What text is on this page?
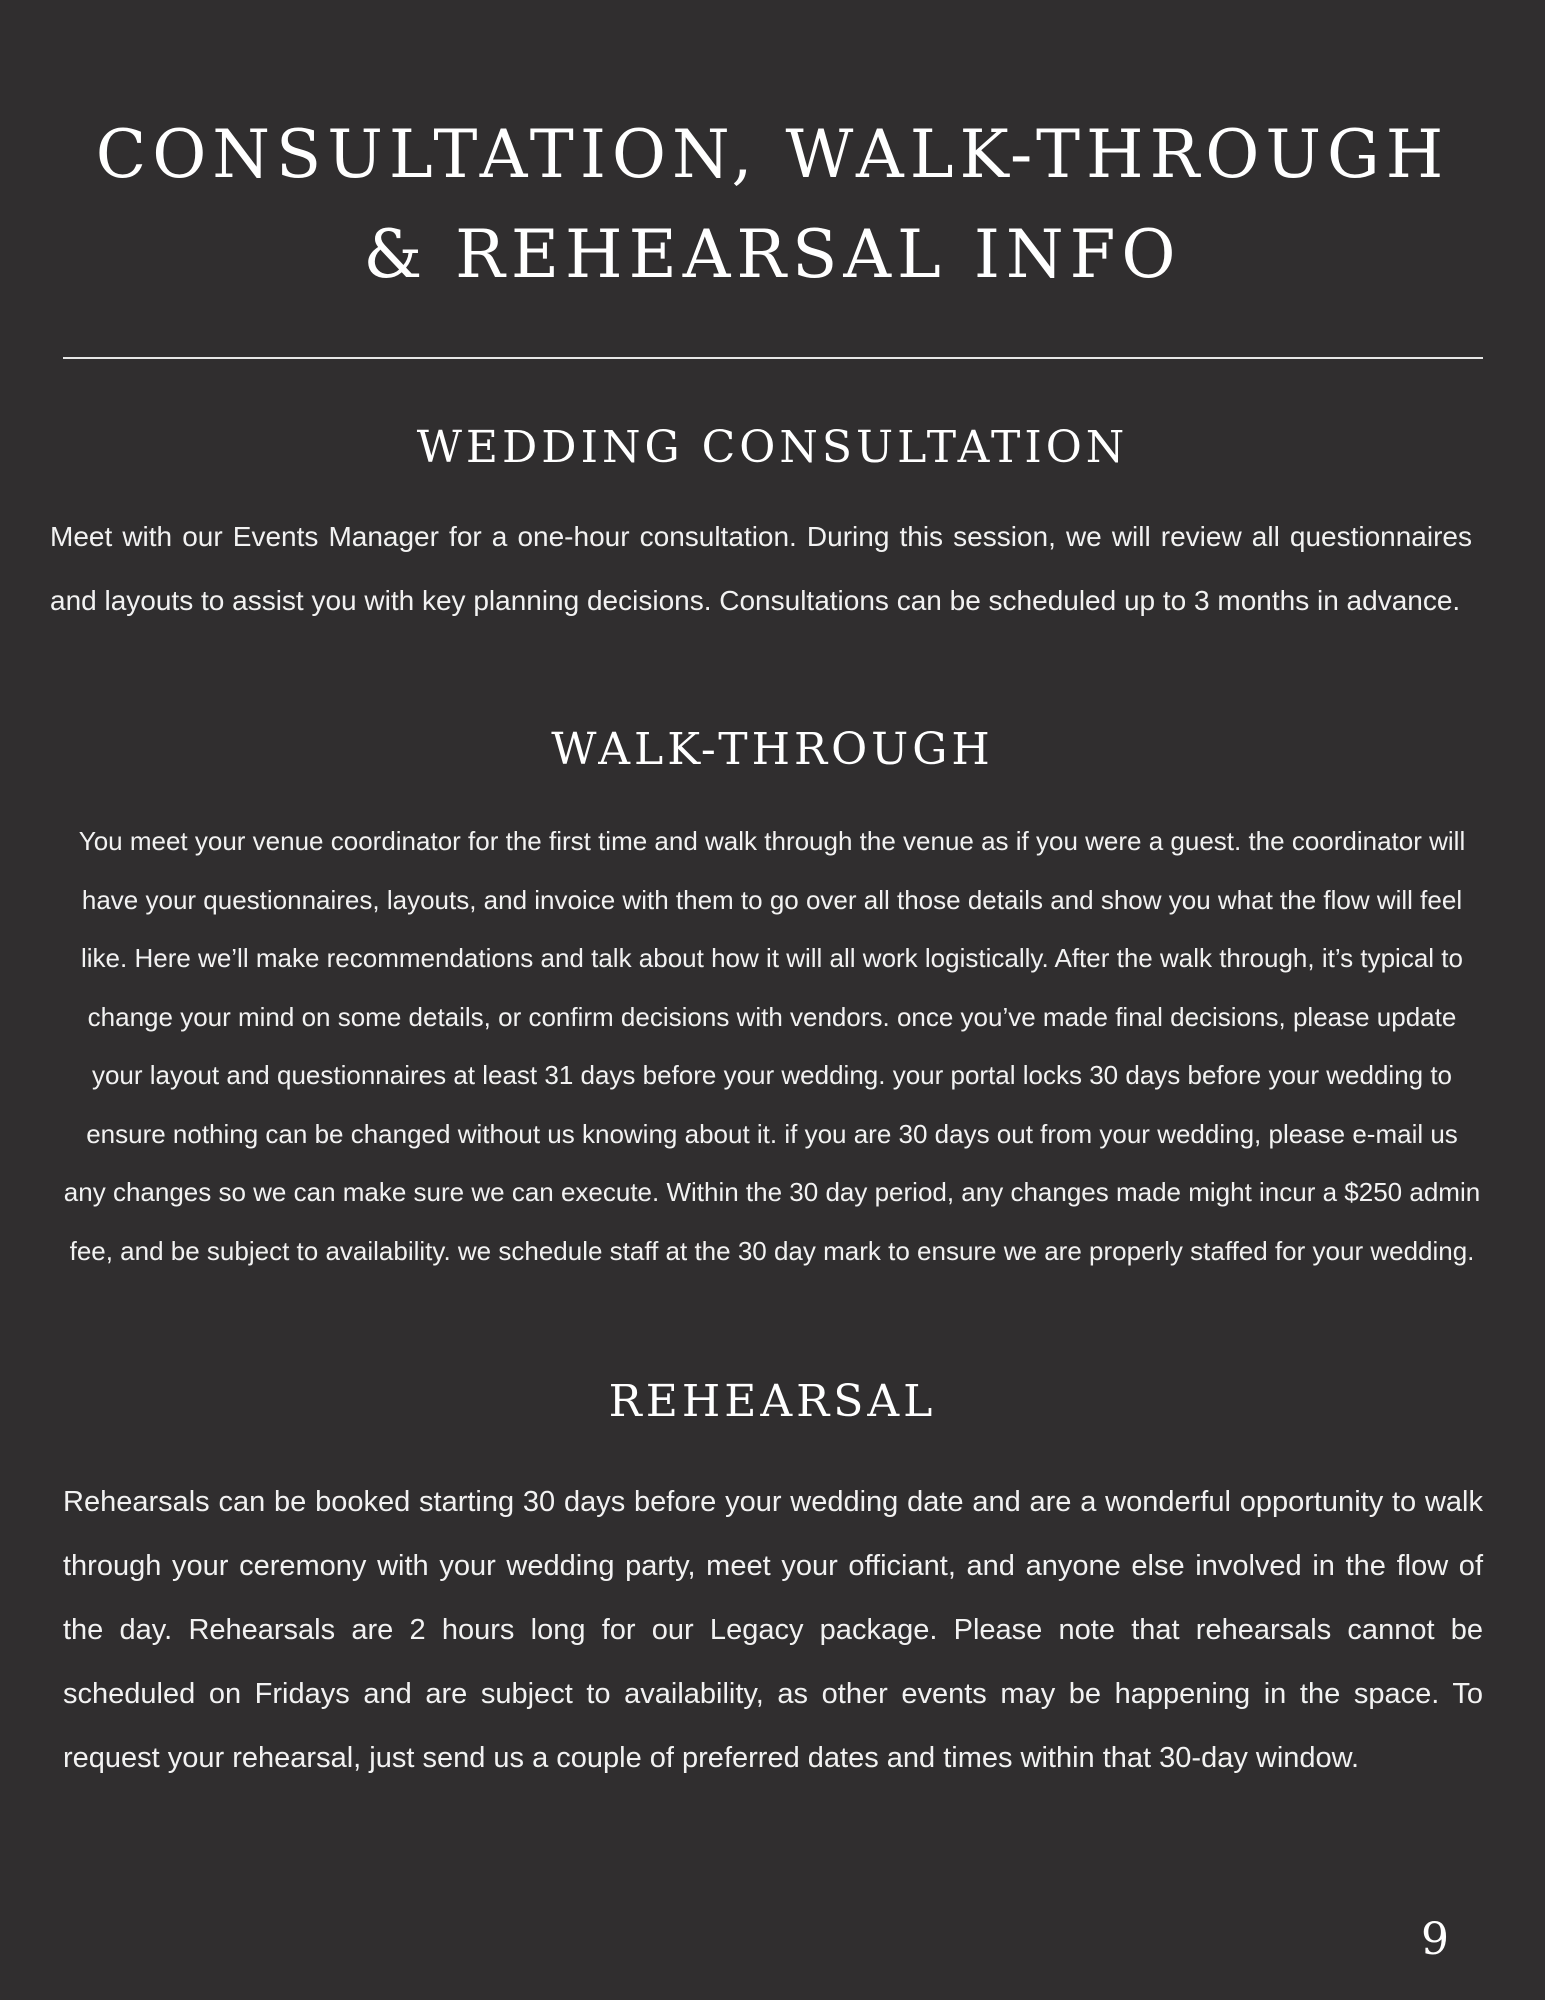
CONSULTATION, WALK-THROUGH
& REHEARSAL INFO
WEDDING CONSULTATION

Meet with our Events Manager for a one-hour consultation. During this session, we will review all questionnaires and layouts to assist you with key planning decisions. Consultations can be scheduled up to 3 months in advance.

WALK-THROUGH

You meet your venue coordinator for the first time and walk through the venue as if you were a guest. the coordinator will have your questionnaires, layouts, and invoice with them to go over all those details and show you what the flow will feel like. Here we’ll make recommendations and talk about how it will all work logistically. After the walk through, it’s typical to change your mind on some details, or confirm decisions with vendors. once you’ve made final decisions, please update your layout and questionnaires at least 31 days before your wedding. your portal locks 30 days before your wedding to ensure nothing can be changed without us knowing about it. if you are 30 days out from your wedding, please e-mail us any changes so we can make sure we can execute. Within the 30 day period, any changes made might incur a $250 admin fee, and be subject to availability. we schedule staff at the 30 day mark to ensure we are properly staffed for your wedding.

REHEARSAL

Rehearsals can be booked starting 30 days before your wedding date and are a wonderful opportunity to walk through your ceremony with your wedding party, meet your officiant, and anyone else involved in the flow of the day. Rehearsals are 2 hours long for our Legacy package. Please note that rehearsals cannot be scheduled on Fridays and are subject to availability, as other events may be happening in the space. To request your rehearsal, just send us a couple of preferred dates and times within that 30-day window.

9
